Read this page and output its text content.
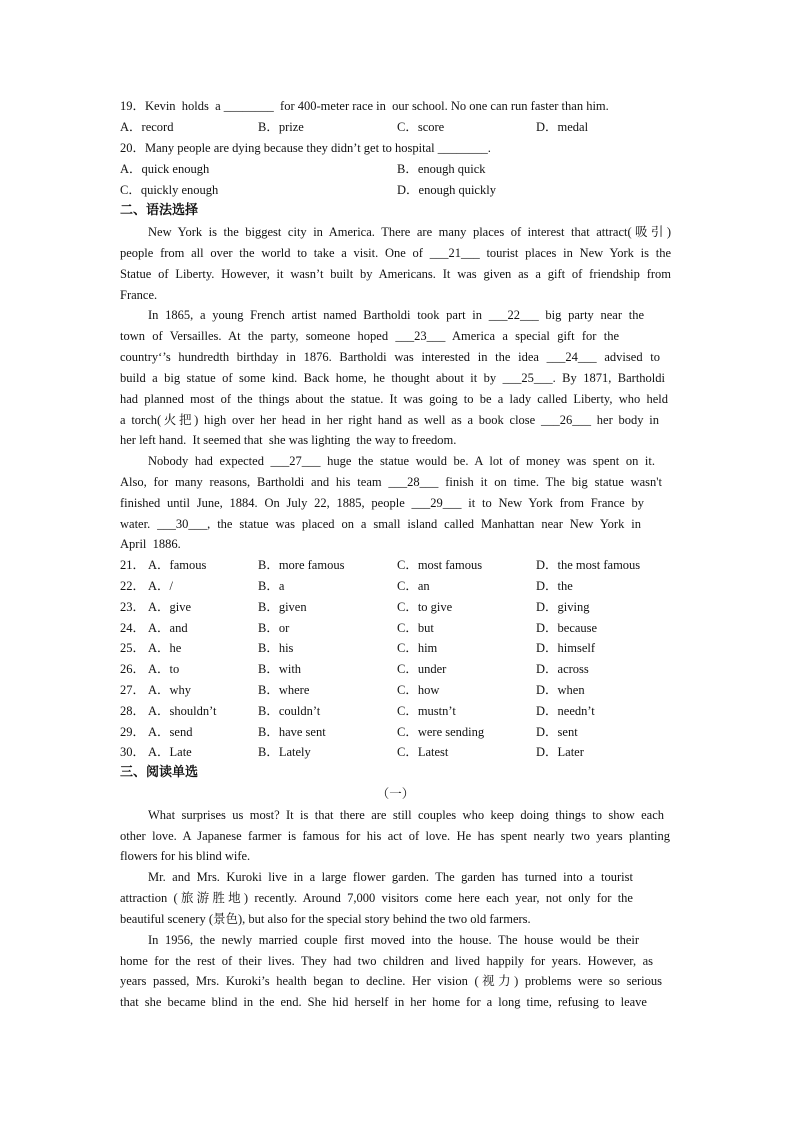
19．Kevin  holds  a ________  for 400-meter race in  our school. No one can run faster than him.
A．record	B．prize	C．score	D．medal
20．Many people are dying because they didn’t get to hospital ________.
A．quick enough	B．enough quick
C．quickly enough	D．enough quickly
二、语法选择
New York is the biggest city in America. There are many places of interest that attract(吸引)
people from all over the world to take a visit. One of ___21___ tourist places in New York is the
Statue of Liberty. However, it wasn’t built by Americans. It was given as a gift of friendship from
France.
In 1865, a young French artist named Bartholdi took part in ___22___ big party near the
town of Versailles. At the party, someone hoped ___23___ America a special gift for the
country‘’s hundredth birthday in 1876. Bartholdi was interested in the idea ___24___ advised to
build a big statue of some kind. Back home, he thought about it by ___25___. By 1871, Bartholdi
had planned most of the things about the statue. It was going to be a lady called Liberty, who held
a torch(火把) high over her head in her right hand as well as a book close ___26___ her body in
her left hand.  It seemed that  she was lighting  the way to freedom.
Nobody had expected ___27___ huge the statue would be. A lot of money was spent on it.
Also, for many reasons, Bartholdi and his team ___28___ finish it on time. The big statue wasn't
finished until June, 1884. On July 22, 1885, people ___29___ it to New York from France by
water. ___30___, the statue was placed on a small island called Manhattan near New York in
April  1886.
21． A．famous	B．more famous	C．most famous	D．the most famous
22． A．/	B．a	C．an	D．the
23． A．give	B．given	C．to give	D．giving
24． A．and	B．or	C．but	D．because
25． A．he	B．his	C．him	D．himself
26． A．to	B．with	C．under	D．across
27． A．why	B．where	C．how	D．when
28． A．shouldn’t	B．couldn’t	C．mustn’t	D．needn’t
29． A．send	B．have sent	C．were sending	D．sent
30． A．Late	B．Lately	C．Latest	D．Later
三、阅读单选
（一）
What surprises us most? It is that there are still couples who keep doing things to show each
other love. A Japanese farmer is famous for his act of love. He has spent nearly two years planting
flowers for his blind wife.
Mr. and Mrs. Kuroki live in a large flower garden. The garden has turned into a tourist
attraction (旅游胜地) recently. Around 7,000 visitors come here each year, not only for the
beautiful scenery (景色), but also for the special story behind the two old farmers.
In 1956, the newly married couple first moved into the house. The house would be their
home for the rest of their lives. They had two children and lived happily for years. However, as
years passed, Mrs. Kuroki’s health began to decline. Her vision (视力) problems were so serious
that she became blind in the end. She hid herself in her home for a long time, refusing to leave
